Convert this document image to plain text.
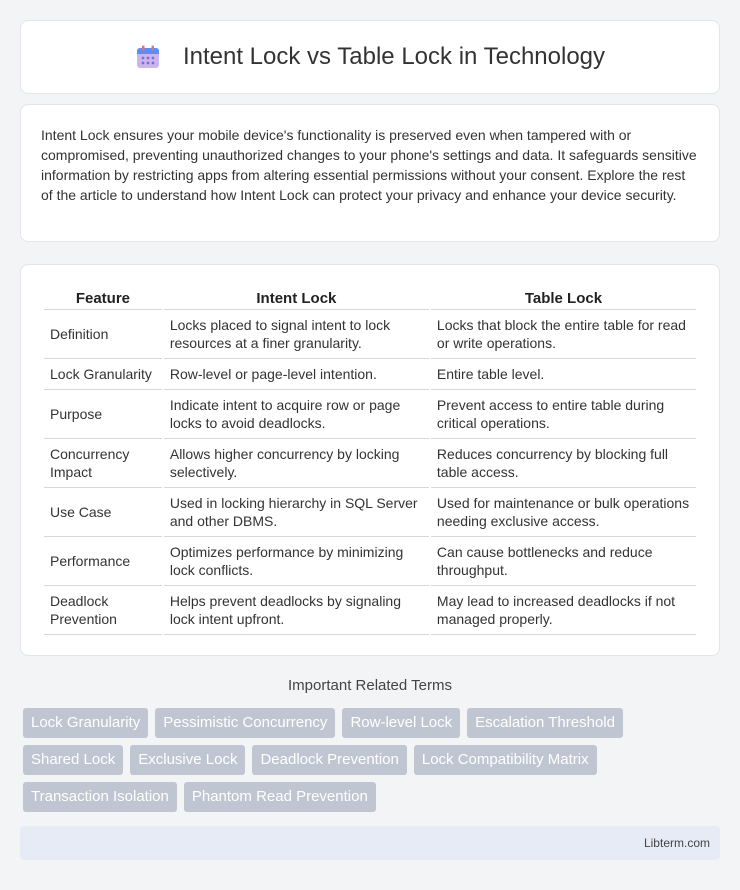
Intent Lock vs Table Lock in Technology

Intent Lock ensures your mobile device's functionality is preserved even when tampered with or compromised, preventing unauthorized changes to your phone's settings and data. It safeguards sensitive information by restricting apps from altering essential permissions without your consent. Explore the rest of the article to understand how Intent Lock can protect your privacy and enhance your device security.

Feature	Intent Lock	Table Lock
Definition	Locks placed to signal intent to lock resources at a finer granularity.	Locks that block the entire table for read or write operations.
Lock Granularity	Row-level or page-level intention.	Entire table level.
Purpose	Indicate intent to acquire row or page locks to avoid deadlocks.	Prevent access to entire table during critical operations.
Concurrency Impact	Allows higher concurrency by locking selectively.	Reduces concurrency by blocking full table access.
Use Case	Used in locking hierarchy in SQL Server and other DBMS.	Used for maintenance or bulk operations needing exclusive access.
Performance	Optimizes performance by minimizing lock conflicts.	Can cause bottlenecks and reduce throughput.
Deadlock Prevention	Helps prevent deadlocks by signaling lock intent upfront.	May lead to increased deadlocks if not managed properly.
Important Related Terms
Lock Granularity	Pessimistic Concurrency	Row-level Lock	Escalation Threshold
Shared Lock	Exclusive Lock	Deadlock Prevention	Lock Compatibility Matrix
Transaction Isolation	Phantom Read Prevention
Libterm.com
